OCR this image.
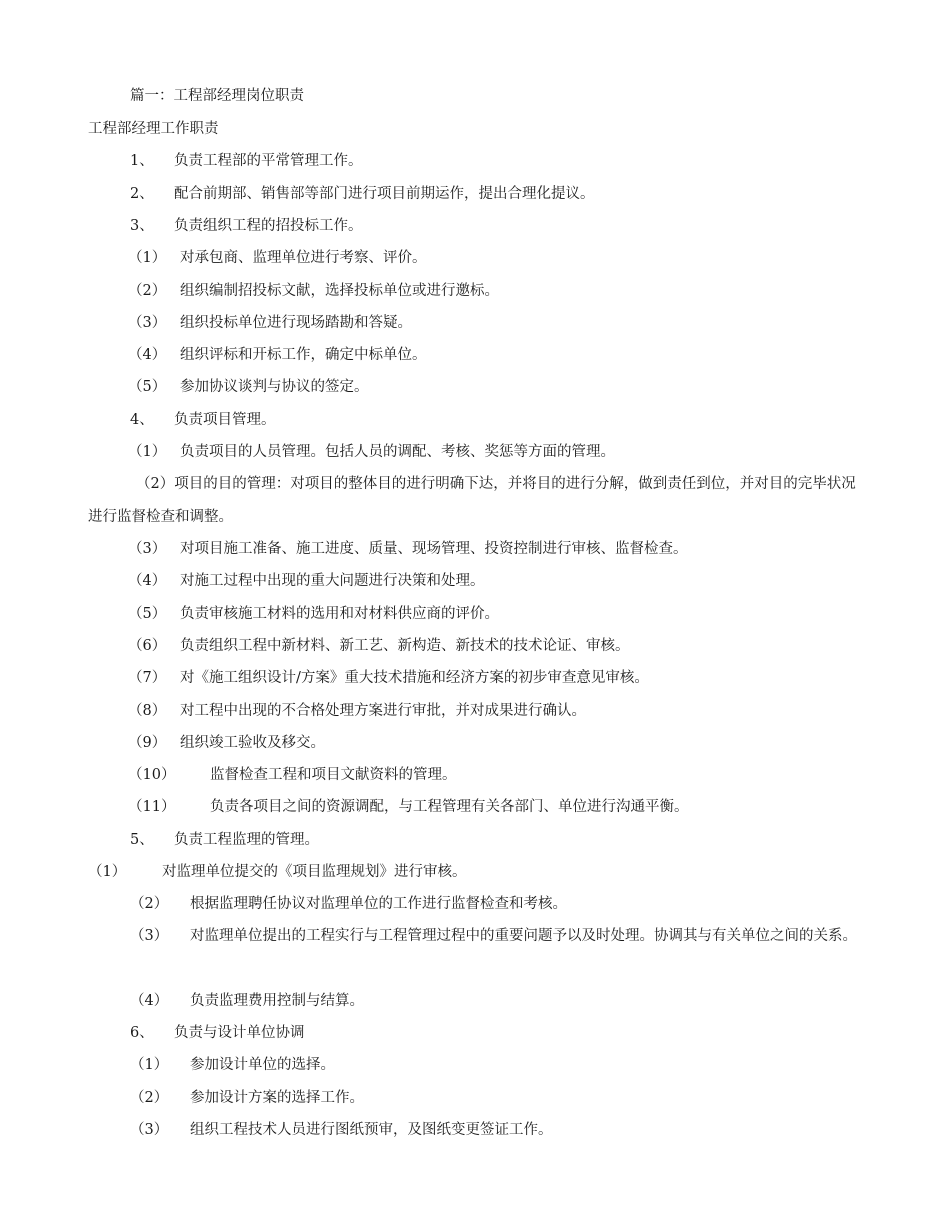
篇一：工程部经理岗位职责
工程部经理工作职责
1、 负责工程部的平常管理工作。
2、 配合前期部、销售部等部门进行项目前期运作，提出合理化提议。
3、 负责组织工程的招投标工作。
（1） 对承包商、监理单位进行考察、评价。
（2） 组织编制招投标文献，选择投标单位或进行邀标。
（3） 组织投标单位进行现场踏勘和答疑。
（4） 组织评标和开标工作，确定中标单位。
（5） 参加协议谈判与协议的签定。
4、 负责项目管理。
（1） 负责项目的人员管理。包括人员的调配、考核、奖惩等方面的管理。
（2）项目的目的管理：对项目的整体目的进行明确下达，并将目的进行分解，做到责任到位，并对目的完毕状况进行监督检查和调整。
（3） 对项目施工准备、施工进度、质量、现场管理、投资控制进行审核、监督检查。
（4） 对施工过程中出现的重大问题进行决策和处理。
（5） 负责审核施工材料的选用和对材料供应商的评价。
（6） 负责组织工程中新材料、新工艺、新构造、新技术的技术论证、审核。
（7） 对《施工组织设计/方案》重大技术措施和经济方案的初步审查意见审核。
（8） 对工程中出现的不合格处理方案进行审批，并对成果进行确认。
（9） 组织竣工验收及移交。
（10） 监督检查工程和项目文献资料的管理。
（11） 负责各项目之间的资源调配，与工程管理有关各部门、单位进行沟通平衡。
5、 负责工程监理的管理。
（1） 对监理单位提交的《项目监理规划》进行审核。
（2） 根据监理聘任协议对监理单位的工作进行监督检查和考核。
（3） 对监理单位提出的工程实行与工程管理过程中的重要问题予以及时处理。协调其与有关单位之间的关系。
（4） 负责监理费用控制与结算。
6、 负责与设计单位协调
（1） 参加设计单位的选择。
（2） 参加设计方案的选择工作。
（3） 组织工程技术人员进行图纸预审，及图纸变更签证工作。
